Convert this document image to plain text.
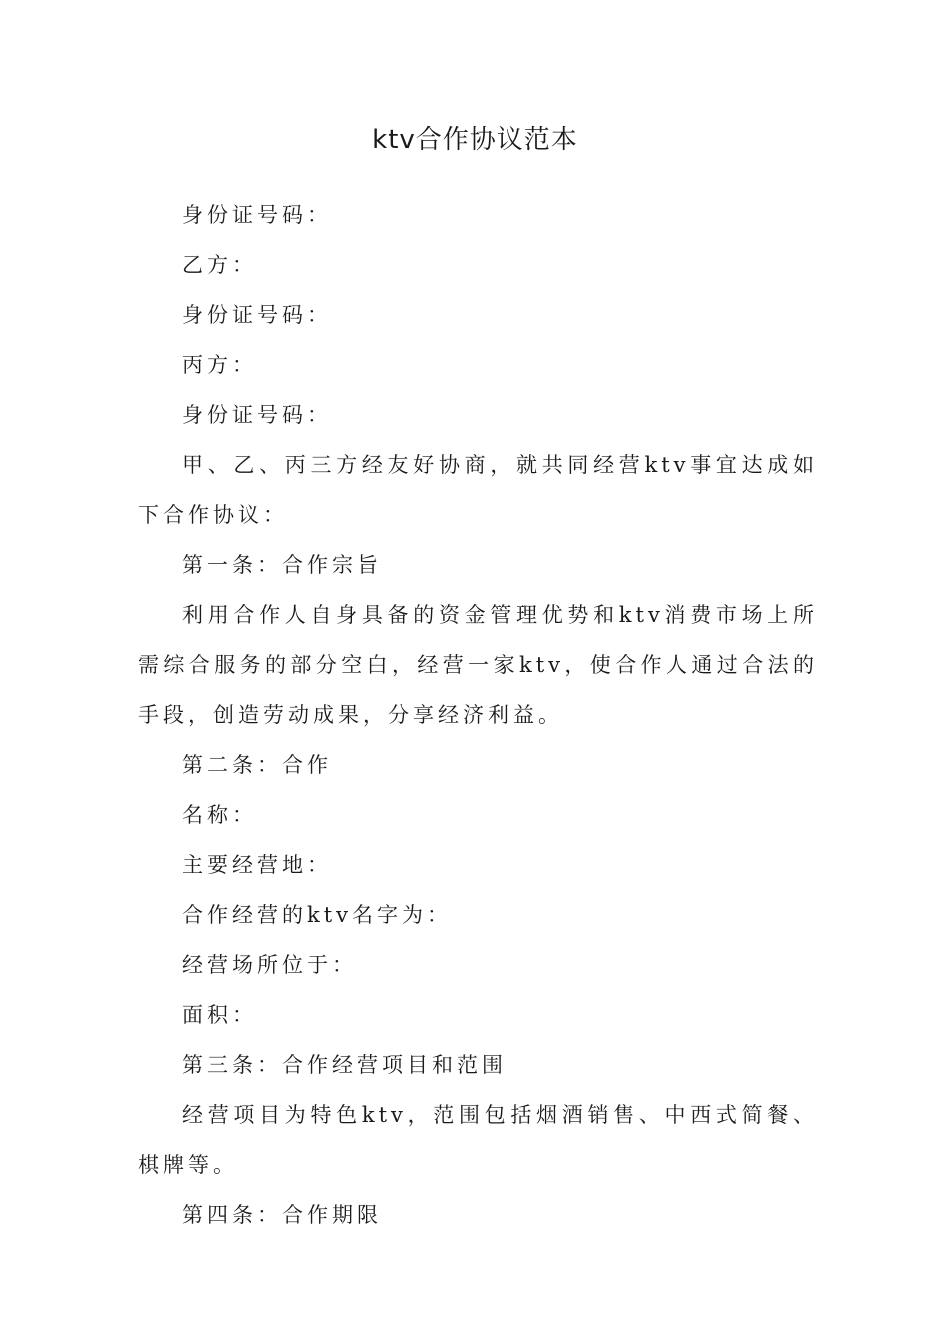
ktv合作协议范本

身份证号码：

乙方：

身份证号码：

丙方：

身份证号码：

甲、乙、丙三方经友好协商，就共同经营ktv事宜达成如下合作协议：

第一条：合作宗旨

利用合作人自身具备的资金管理优势和ktv消费市场上所需综合服务的部分空白，经营一家ktv，使合作人通过合法的手段，创造劳动成果，分享经济利益。

第二条：合作

名称：

主要经营地：

合作经营的ktv名字为：

经营场所位于：

面积：

第三条：合作经营项目和范围

经营项目为特色ktv，范围包括烟酒销售、中西式简餐、棋牌等。

第四条：合作期限
